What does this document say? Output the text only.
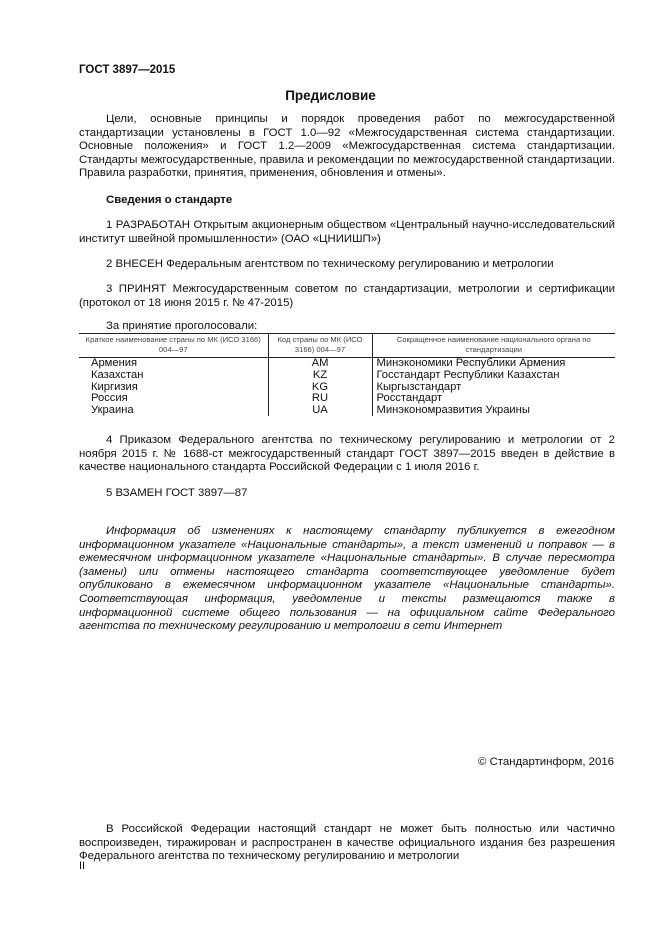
ГОСТ 3897—2015
Предисловие
Цели, основные принципы и порядок проведения работ по межгосударственной стандартизации установлены в ГОСТ 1.0—92 «Межгосударственная система стандартизации. Основные положения» и ГОСТ 1.2—2009 «Межгосударственная система стандартизации. Стандарты межгосударственные, правила и рекомендации по межгосударственной стандартизации. Правила разработки, принятия, применения, обновления и отмены».
Сведения о стандарте
1 РАЗРАБОТАН Открытым акционерным обществом «Центральный научно-исследовательский институт швейной промышленности» (ОАО «ЦНИИШП»)
2 ВНЕСЕН Федеральным агентством по техническому регулированию и метрологии
3 ПРИНЯТ Межгосударственным советом по стандартизации, метрологии и сертификации (протокол от 18 июня 2015 г. № 47-2015)
За принятие проголосовали:
Краткое наименование страны по МК (ИСО 3166) 004—97	Код страны по МК (ИСО 3166) 004—97	Сокращенное наименование национального органа по стандартизации
Армения	AM	Минэкономики Республики Армения
Казахстан	KZ	Госстандарт Республики Казахстан
Киргизия	KG	Кыргызстандарт
Россия	RU	Росстандарт
Украина	UA	Минэкономразвития Украины
4 Приказом Федерального агентства по техническому регулированию и метрологии от 2 ноября 2015 г. № 1688-ст межгосударственный стандарт ГОСТ 3897—2015 введен в действие в качестве национального стандарта Российской Федерации с 1 июля 2016 г.
5 ВЗАМЕН ГОСТ 3897—87
Информация об изменениях к настоящему стандарту публикуется в ежегодном информационном указателе «Национальные стандарты», а текст изменений и поправок — в ежемесячном информационном указателе «Национальные стандарты». В случае пересмотра (замены) или отмены настоящего стандарта соответствующее уведомление будет опубликовано в ежемесячном информационном указателе «Национальные стандарты». Соответствующая информация, уведомление и тексты размещаются также в информационной системе общего пользования — на официальном сайте Федерального агентства по техническому регулированию и метрологии в сети Интернет
© Стандартинформ, 2016
В Российской Федерации настоящий стандарт не может быть полностью или частично воспроизведен, тиражирован и распространен в качестве официального издания без разрешения Федерального агентства по техническому регулированию и метрологии
II
